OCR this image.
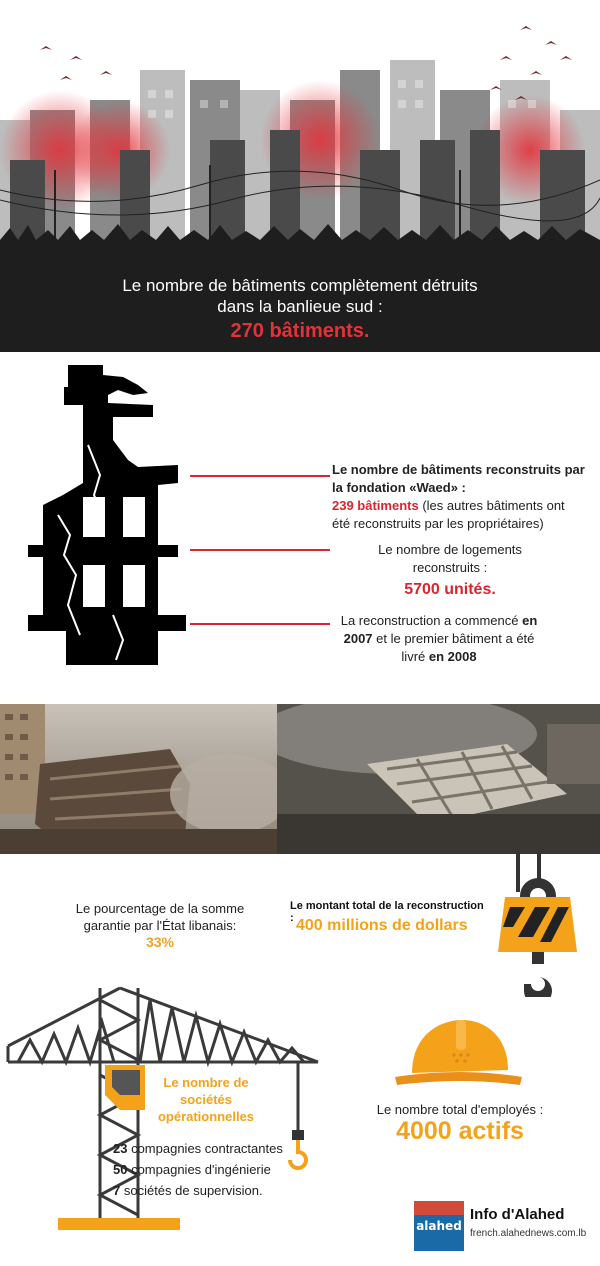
Le nombre de bâtiments complètement détruits
dans la banlieue sud :
270 bâtiments.
Le nombre de bâtiments reconstruits par
la fondation «Waed» :
239 bâtiments (les autres bâtiments ont
été reconstruits par les propriétaires)
Le nombre de logements
reconstruits :
5700 unités.
La reconstruction a commencé en
2007 et le premier bâtiment a été
livré en 2008
Le pourcentage de la somme
garantie par l'État libanais:
33%
Le montant total de la reconstruction : 400 millions de dollars
Le nombre de
sociétés
opérationnelles
23 compagnies contractantes
50 compagnies d'ingénierie
7 sociétés de supervision.
Le nombre total d'employés :
4000 actifs
alahed
Info d'Alahed
french.alahednews.com.lb
